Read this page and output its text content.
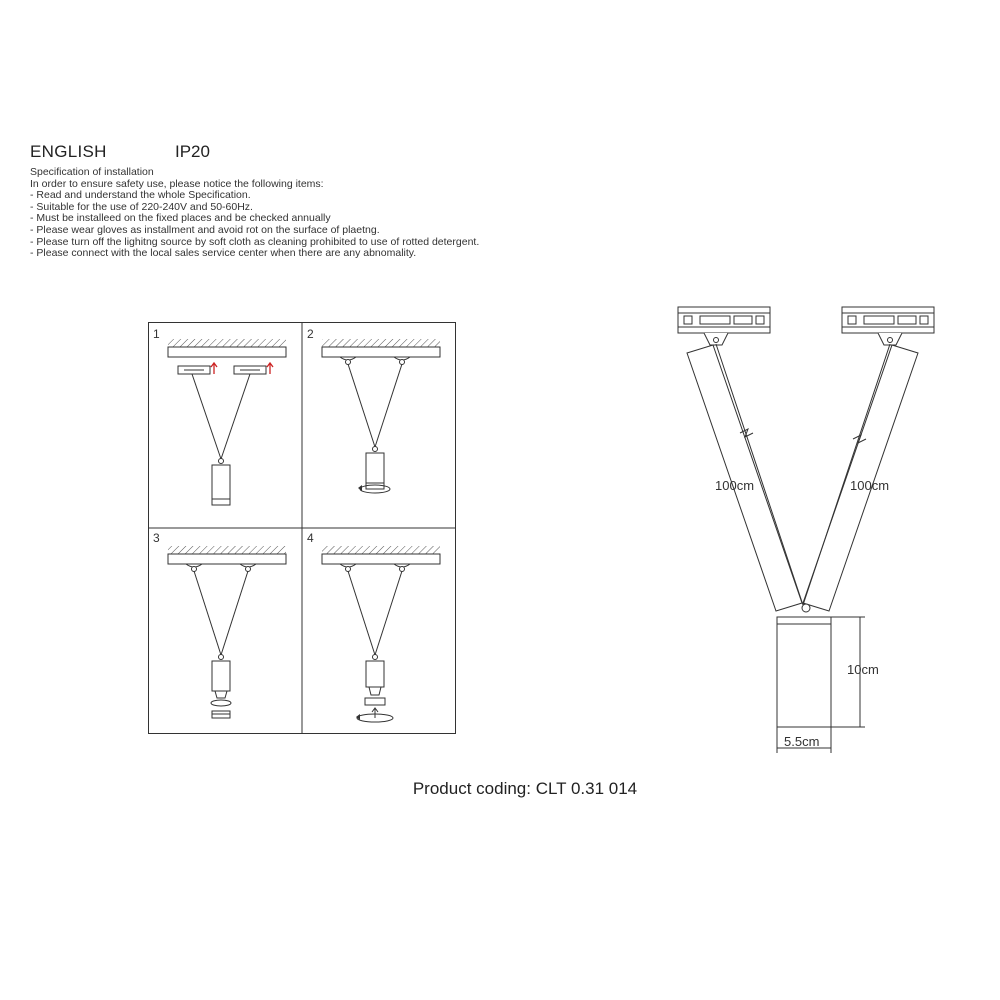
ENGLISH	IP20
Specification of installation
In order to ensure safety use, please notice the following items:
- Read and understand the whole Specification.
- Suitable for the use of 220-240V and 50-60Hz.
- Must be installeed on the fixed places and be checked annually
- Please wear gloves as installment and avoid rot on the surface of plaetng.
- Please turn off the lighitng source by soft cloth as cleaning prohibited to use of rotted detergent.
- Please connect with the local sales service center when there are any abnomality.
1	2
3	4
100cm	100cm
10cm
5.5cm
Product coding: CLT 0.31 014
